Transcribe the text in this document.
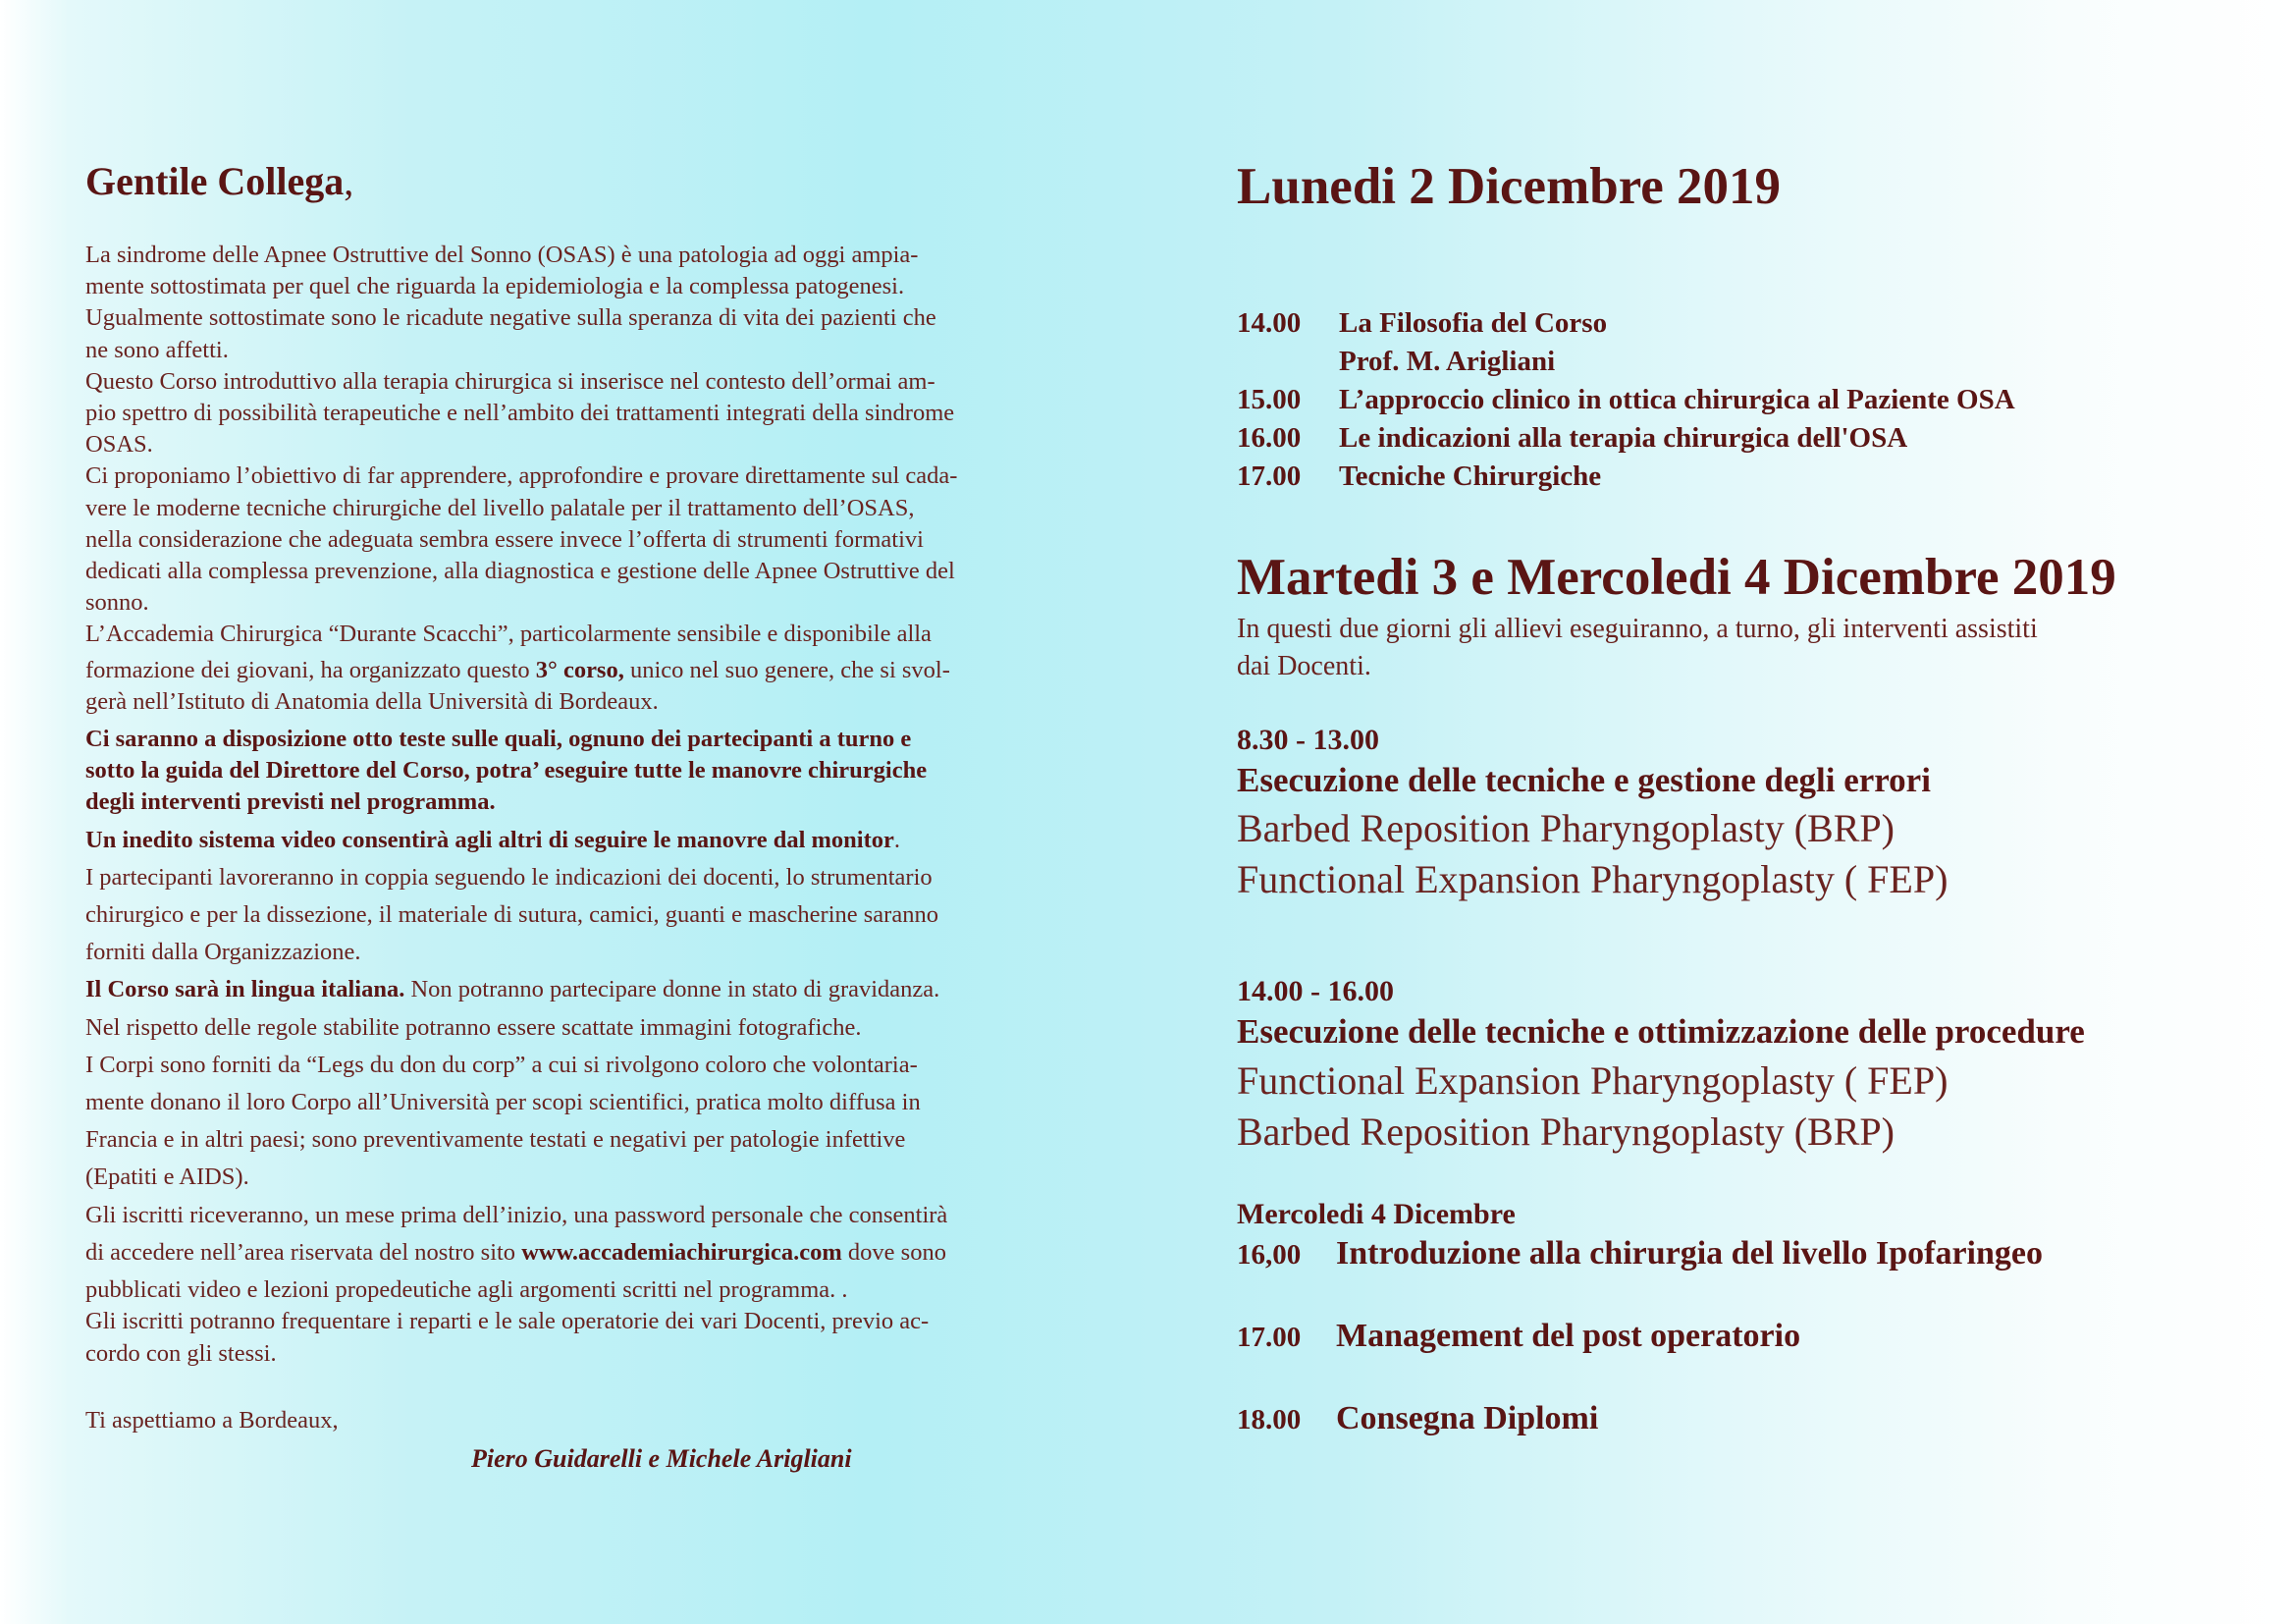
Gentile Collega,
La sindrome delle Apnee Ostruttive del Sonno (OSAS) è una patologia ad oggi ampia-
mente sottostimata per quel che riguarda la epidemiologia e la complessa patogenesi.
Ugualmente sottostimate sono le ricadute negative sulla speranza di vita dei pazienti che
ne sono affetti.
Questo Corso introduttivo alla terapia chirurgica si inserisce nel contesto dell’ormai am-
pio spettro di possibilità terapeutiche e nell’ambito dei trattamenti integrati della sindrome
OSAS.
Ci proponiamo l’obiettivo di far apprendere, approfondire e provare direttamente sul cada-
vere le moderne tecniche chirurgiche del livello palatale per il trattamento dell’OSAS,
nella considerazione che adeguata sembra essere invece l’offerta di strumenti formativi
dedicati alla complessa prevenzione, alla diagnostica e gestione delle Apnee Ostruttive del
sonno.
L’Accademia Chirurgica “Durante Scacchi”, particolarmente sensibile e disponibile alla
formazione dei giovani, ha organizzato questo 3° corso, unico nel suo genere, che si svol-
gerà nell’Istituto di Anatomia della Università di Bordeaux.
Ci saranno a disposizione otto teste sulle quali, ognuno dei partecipanti a turno e
sotto la guida del Direttore del Corso, potra’ eseguire tutte le manovre chirurgiche
degli interventi previsti nel programma.
Un inedito sistema video consentirà agli altri di seguire le manovre dal monitor.
I partecipanti lavoreranno in coppia seguendo le indicazioni dei docenti, lo strumentario
chirurgico e per la dissezione, il materiale di sutura, camici, guanti e mascherine saranno
forniti dalla Organizzazione.
Il Corso sarà in lingua italiana. Non potranno partecipare donne in stato di gravidanza.
Nel rispetto delle regole stabilite potranno essere scattate immagini fotografiche.
I Corpi sono forniti da “Legs du don du corp” a cui si rivolgono coloro che volontaria-
mente donano il loro Corpo all’Università per scopi scientifici, pratica molto diffusa in
Francia e in altri paesi; sono preventivamente testati e negativi per patologie infettive
(Epatiti e AIDS).
Gli iscritti riceveranno, un mese prima dell’inizio, una password personale che consentirà
di accedere nell’area riservata del nostro sito www.accademiachirurgica.com dove sono
pubblicati video e lezioni propedeutiche agli argomenti scritti nel programma. .
Gli iscritti potranno frequentare i reparti e le sale operatorie dei vari Docenti, previo ac-
cordo con gli stessi.
Ti aspettiamo a Bordeaux,
Piero Guidarelli e Michele Arigliani
Lunedi 2 Dicembre 2019
14.00 La Filosofia del Corso
Prof. M. Arigliani
15.00 L’approccio clinico in ottica chirurgica al Paziente OSA
16.00 Le indicazioni alla terapia chirurgica dell'OSA
17.00 Tecniche Chirurgiche
Martedi 3 e Mercoledi 4 Dicembre 2019
In questi due giorni gli allievi eseguiranno, a turno, gli interventi assistiti
dai Docenti.
8.30 - 13.00
Esecuzione delle tecniche e gestione degli errori
Barbed Reposition Pharyngoplasty (BRP)
Functional Expansion Pharyngoplasty ( FEP)
14.00 - 16.00
Esecuzione delle tecniche e ottimizzazione delle procedure
Functional Expansion Pharyngoplasty ( FEP)
Barbed Reposition Pharyngoplasty (BRP)
Mercoledi 4 Dicembre
16,00 Introduzione alla chirurgia del livello Ipofaringeo
17.00 Management del post operatorio
18.00 Consegna Diplomi
